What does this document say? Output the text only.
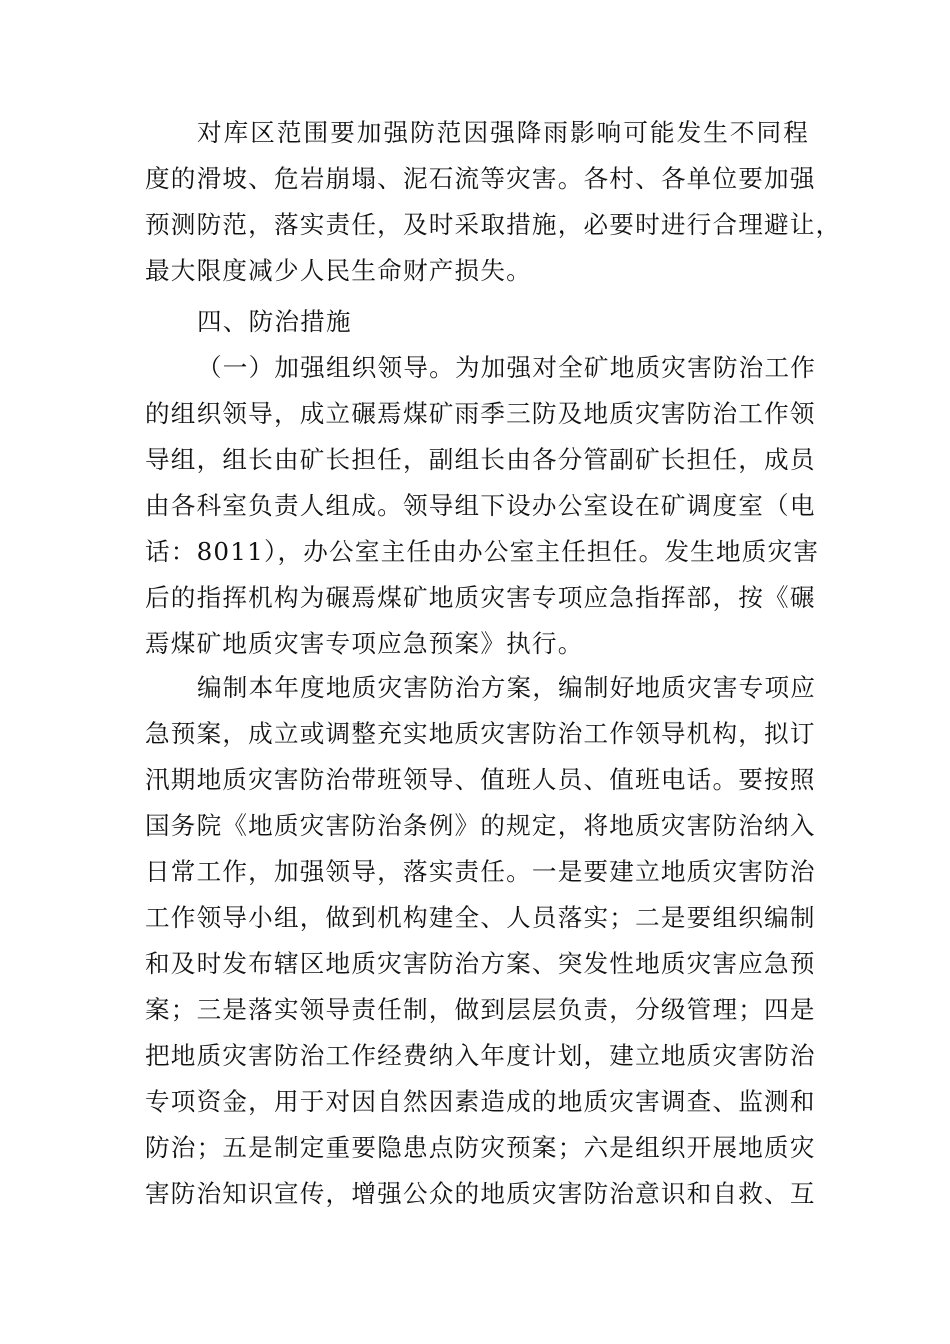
对库区范围要加强防范因强降雨影响可能发生不同程
度的滑坡、危岩崩塌、泥石流等灾害。各村、各单位要加强
预测防范，落实责任，及时采取措施，必要时进行合理避让，
最大限度减少人民生命财产损失。
四、防治措施
（一）加强组织领导。为加强对全矿地质灾害防治工作
的组织领导，成立碾焉煤矿雨季三防及地质灾害防治工作领
导组，组长由矿长担任，副组长由各分管副矿长担任，成员
由各科室负责人组成。领导组下设办公室设在矿调度室（电
话：8011），办公室主任由办公室主任担任。发生地质灾害
后的指挥机构为碾焉煤矿地质灾害专项应急指挥部，按《碾
焉煤矿地质灾害专项应急预案》执行。
编制本年度地质灾害防治方案，编制好地质灾害专项应
急预案，成立或调整充实地质灾害防治工作领导机构，拟订
汛期地质灾害防治带班领导、值班人员、值班电话。要按照
国务院《地质灾害防治条例》的规定，将地质灾害防治纳入
日常工作，加强领导，落实责任。一是要建立地质灾害防治
工作领导小组，做到机构建全、人员落实；二是要组织编制
和及时发布辖区地质灾害防治方案、突发性地质灾害应急预
案；三是落实领导责任制，做到层层负责，分级管理；四是
把地质灾害防治工作经费纳入年度计划，建立地质灾害防治
专项资金，用于对因自然因素造成的地质灾害调查、监测和
防治；五是制定重要隐患点防灾预案；六是组织开展地质灾
害防治知识宣传，增强公众的地质灾害防治意识和自救、互
